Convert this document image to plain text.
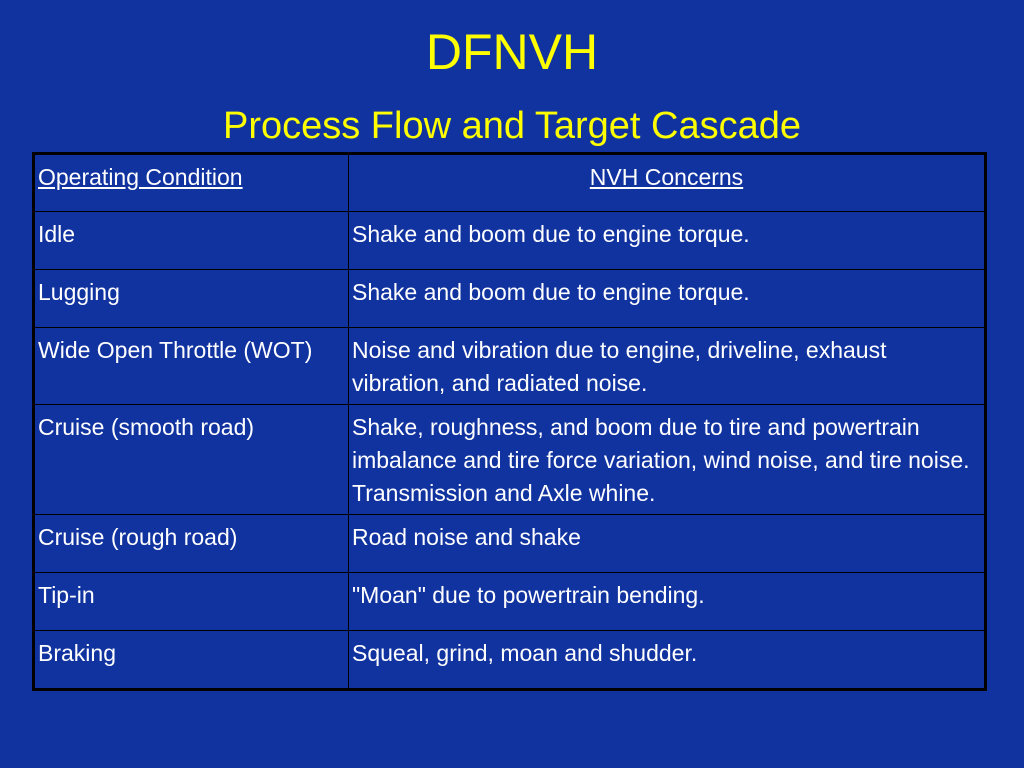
DFNVH
Process Flow and Target Cascade
Operating Condition	NVH Concerns
Idle	Shake and boom due to engine torque.
Lugging	Shake and boom due to engine torque.
Wide Open Throttle (WOT)	Noise and vibration due to engine, driveline, exhaust vibration, and radiated noise.
Cruise (smooth road)	Shake, roughness, and boom due to tire and powertrain imbalance and tire force variation, wind noise, and tire noise. Transmission and Axle whine.
Cruise (rough road)	Road noise and shake
Tip-in	"Moan" due to powertrain bending.
Braking	Squeal, grind, moan and shudder.
